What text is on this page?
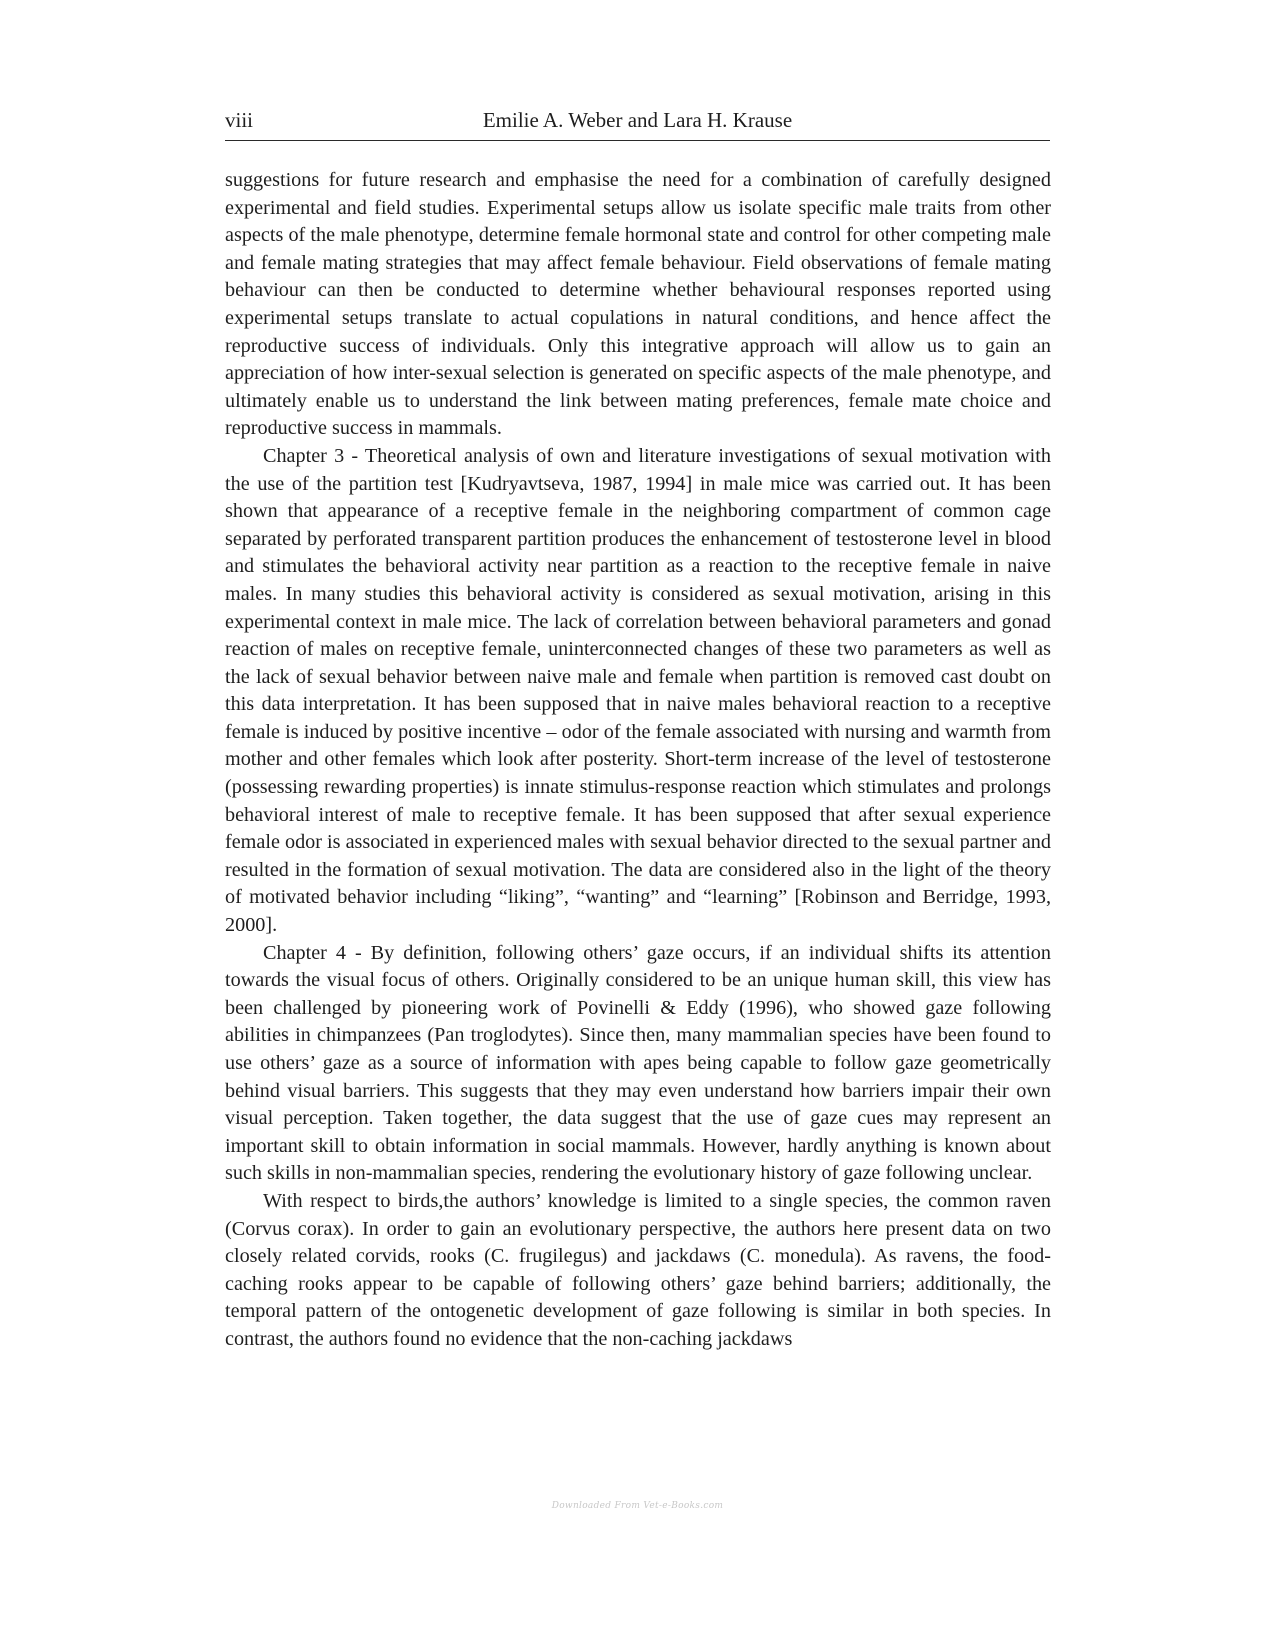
viii	Emilie A. Weber and Lara H. Krause

suggestions for future research and emphasise the need for a combination of carefully designed experimental and field studies. Experimental setups allow us isolate specific male traits from other aspects of the male phenotype, determine female hormonal state and control for other competing male and female mating strategies that may affect female behaviour. Field observations of female mating behaviour can then be conducted to determine whether behavioural responses reported using experimental setups translate to actual copulations in natural conditions, and hence affect the reproductive success of individuals. Only this integrative approach will allow us to gain an appreciation of how inter-sexual selection is generated on specific aspects of the male phenotype, and ultimately enable us to understand the link between mating preferences, female mate choice and reproductive success in mammals.

Chapter 3 - Theoretical analysis of own and literature investigations of sexual motivation with the use of the partition test [Kudryavtseva, 1987, 1994] in male mice was carried out. It has been shown that appearance of a receptive female in the neighboring compartment of common cage separated by perforated transparent partition produces the enhancement of testosterone level in blood and stimulates the behavioral activity near partition as a reaction to the receptive female in naive males. In many studies this behavioral activity is considered as sexual motivation, arising in this experimental context in male mice. The lack of correlation between behavioral parameters and gonad reaction of males on receptive female, uninterconnected changes of these two parameters as well as the lack of sexual behavior between naive male and female when partition is removed cast doubt on this data interpretation. It has been supposed that in naive males behavioral reaction to a receptive female is induced by positive incentive – odor of the female associated with nursing and warmth from mother and other females which look after posterity. Short-term increase of the level of testosterone (possessing rewarding properties) is innate stimulus-response reaction which stimulates and prolongs behavioral interest of male to receptive female. It has been supposed that after sexual experience female odor is associated in experienced males with sexual behavior directed to the sexual partner and resulted in the formation of sexual motivation. The data are considered also in the light of the theory of motivated behavior including “liking”, “wanting” and “learning” [Robinson and Berridge, 1993, 2000].

Chapter 4 - By definition, following others’ gaze occurs, if an individual shifts its attention towards the visual focus of others. Originally considered to be an unique human skill, this view has been challenged by pioneering work of Povinelli & Eddy (1996), who showed gaze following abilities in chimpanzees (Pan troglodytes). Since then, many mammalian species have been found to use others’ gaze as a source of information with apes being capable to follow gaze geometrically behind visual barriers. This suggests that they may even understand how barriers impair their own visual perception. Taken together, the data suggest that the use of gaze cues may represent an important skill to obtain information in social mammals. However, hardly anything is known about such skills in non-mammalian species, rendering the evolutionary history of gaze following unclear.

With respect to birds,the authors’ knowledge is limited to a single species, the common raven (Corvus corax). In order to gain an evolutionary perspective, the authors here present data on two closely related corvids, rooks (C. frugilegus) and jackdaws (C. monedula). As ravens, the food-caching rooks appear to be capable of following others’ gaze behind barriers; additionally, the temporal pattern of the ontogenetic development of gaze following is similar in both species. In contrast, the authors found no evidence that the non-caching jackdaws

Downloaded From Vet-e-Books.com
